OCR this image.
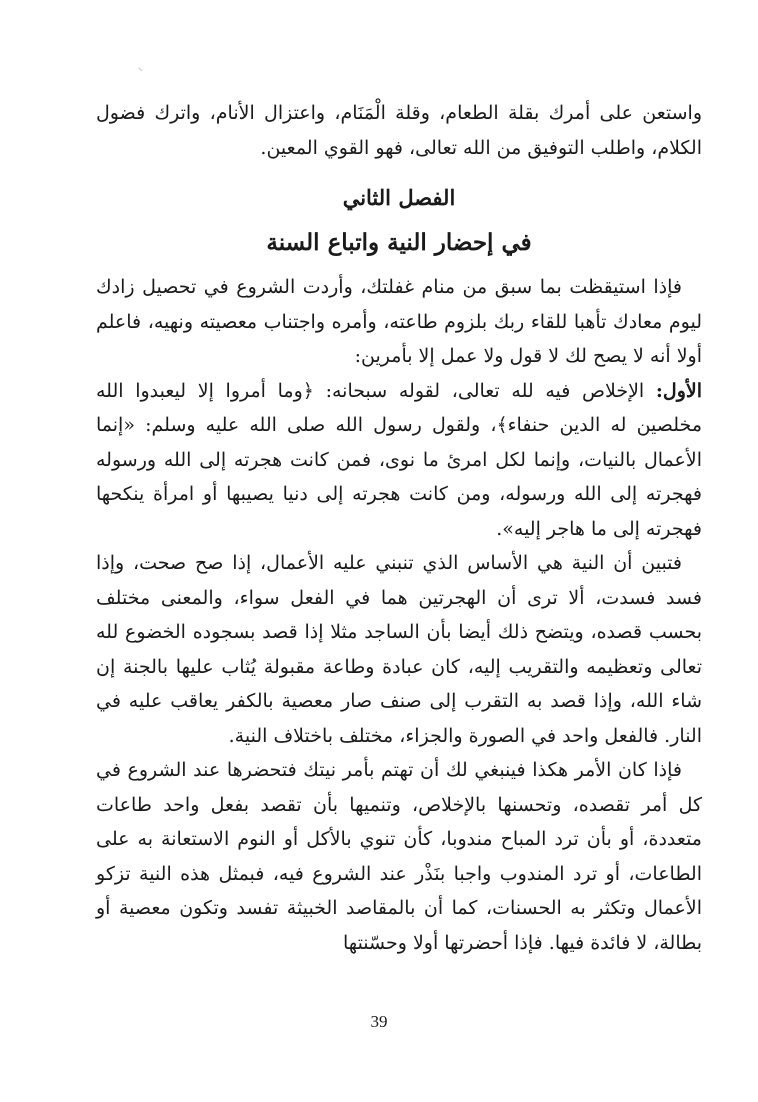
واستعن على أمرك بقلة الطعام، وقلة الْمَنَام، واعتزال الأنام، واترك فضول الكلام، واطلب التوفيق من الله تعالى، فهو القوي المعين.

الفصل الثاني
في إحضار النية واتباع السنة

فإذا استيقظت بما سبق من منام غفلتك، وأردت الشروع في تحصيل زادك ليوم معادك تأهبا للقاء ربك بلزوم طاعته، وأمره واجتناب معصيته ونهيه، فاعلم أولا أنه لا يصح لك لا قول ولا عمل إلا بأمرين:

الأول: الإخلاص فيه لله تعالى، لقوله سبحانه: ﴿وما أمروا إلا ليعبدوا الله مخلصين له الدين حنفاء﴾، ولقول رسول الله صلى الله عليه وسلم: «إنما الأعمال بالنيات، وإنما لكل امرئ ما نوى، فمن كانت هجرته إلى الله ورسوله فهجرته إلى الله ورسوله، ومن كانت هجرته إلى دنيا يصيبها أو امرأة ينكحها فهجرته إلى ما هاجر إليه».

فتبين أن النية هي الأساس الذي تنبني عليه الأعمال، إذا صح صحت، وإذا فسد فسدت، ألا ترى أن الهجرتين هما في الفعل سواء، والمعنى مختلف بحسب قصده، ويتضح ذلك أيضا بأن الساجد مثلا إذا قصد بسجوده الخضوع لله تعالى وتعظيمه والتقريب إليه، كان عبادة وطاعة مقبولة يُثاب عليها بالجنة إن شاء الله، وإذا قصد به التقرب إلى صنف صار معصية بالكفر يعاقب عليه في النار. فالفعل واحد في الصورة والجزاء، مختلف باختلاف النية.

فإذا كان الأمر هكذا فينبغي لك أن تهتم بأمر نيتك فتحضرها عند الشروع في كل أمر تقصده، وتحسنها بالإخلاص، وتنميها بأن تقصد بفعل واحد طاعات متعددة، أو بأن ترد المباح مندوبا، كأن تنوي بالأكل أو النوم الاستعانة به على الطاعات، أو ترد المندوب واجبا بنَذْر عند الشروع فيه، فبمثل هذه النية تزكو الأعمال وتكثر به الحسنات، كما أن بالمقاصد الخبيثة تفسد وتكون معصية أو بطالة، لا فائدة فيها. فإذا أحضرتها أولا وحسّنتها

39
